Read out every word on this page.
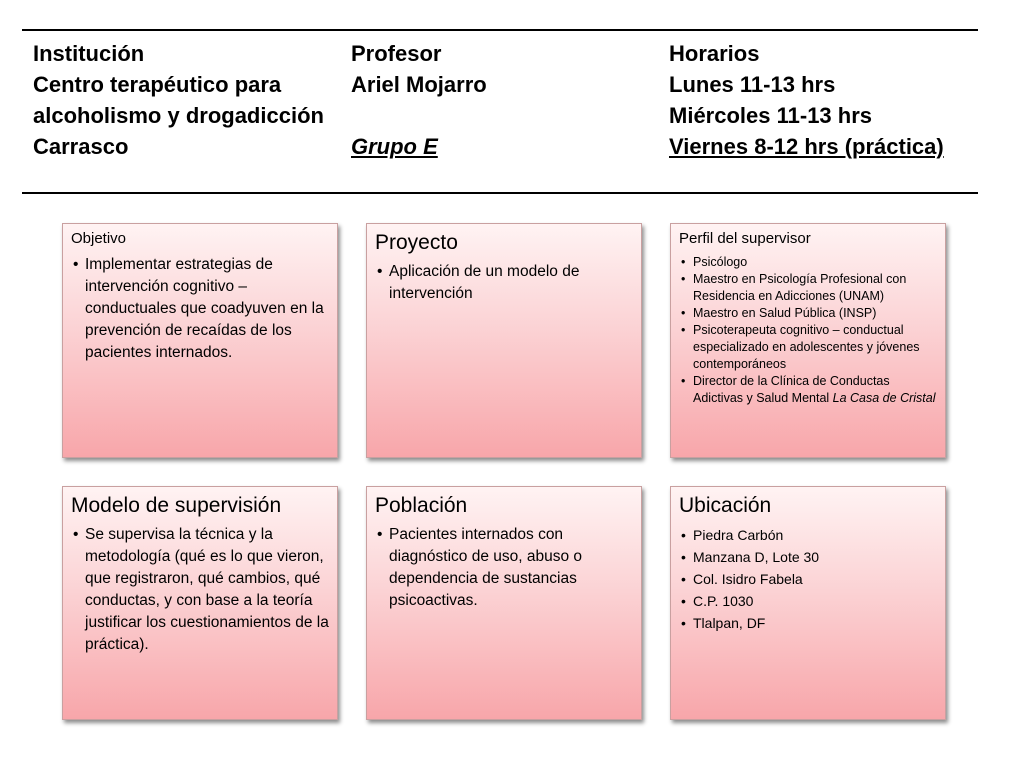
Institución
Centro terapéutico para
alcoholismo y drogadicción
Carrasco
Profesor
Ariel Mojarro

Grupo E
Horarios
Lunes 11-13 hrs
Miércoles 11-13 hrs
Viernes 8-12 hrs (práctica)
Objetivo
• Implementar estrategias de intervención cognitivo –conductuales que coadyuven en la prevención de recaídas de los pacientes internados.
Proyecto
• Aplicación de un modelo de intervención
Perfil del supervisor
• Psicólogo
• Maestro en Psicología Profesional con Residencia en Adicciones (UNAM)
• Maestro en Salud Pública (INSP)
• Psicoterapeuta cognitivo – conductual especializado en adolescentes y jóvenes contemporáneos
• Director de la Clínica de Conductas Adictivas y Salud Mental La Casa de Cristal
Modelo de supervisión
• Se supervisa la técnica y la metodología (qué es lo que vieron, que registraron, qué cambios, qué conductas, y con base a la teoría justificar los cuestionamientos de la práctica).
Población
• Pacientes internados con diagnóstico de uso, abuso o dependencia de sustancias psicoactivas.
Ubicación
• Piedra Carbón
• Manzana D, Lote 30
• Col. Isidro Fabela
• C.P. 1030
• Tlalpan, DF
